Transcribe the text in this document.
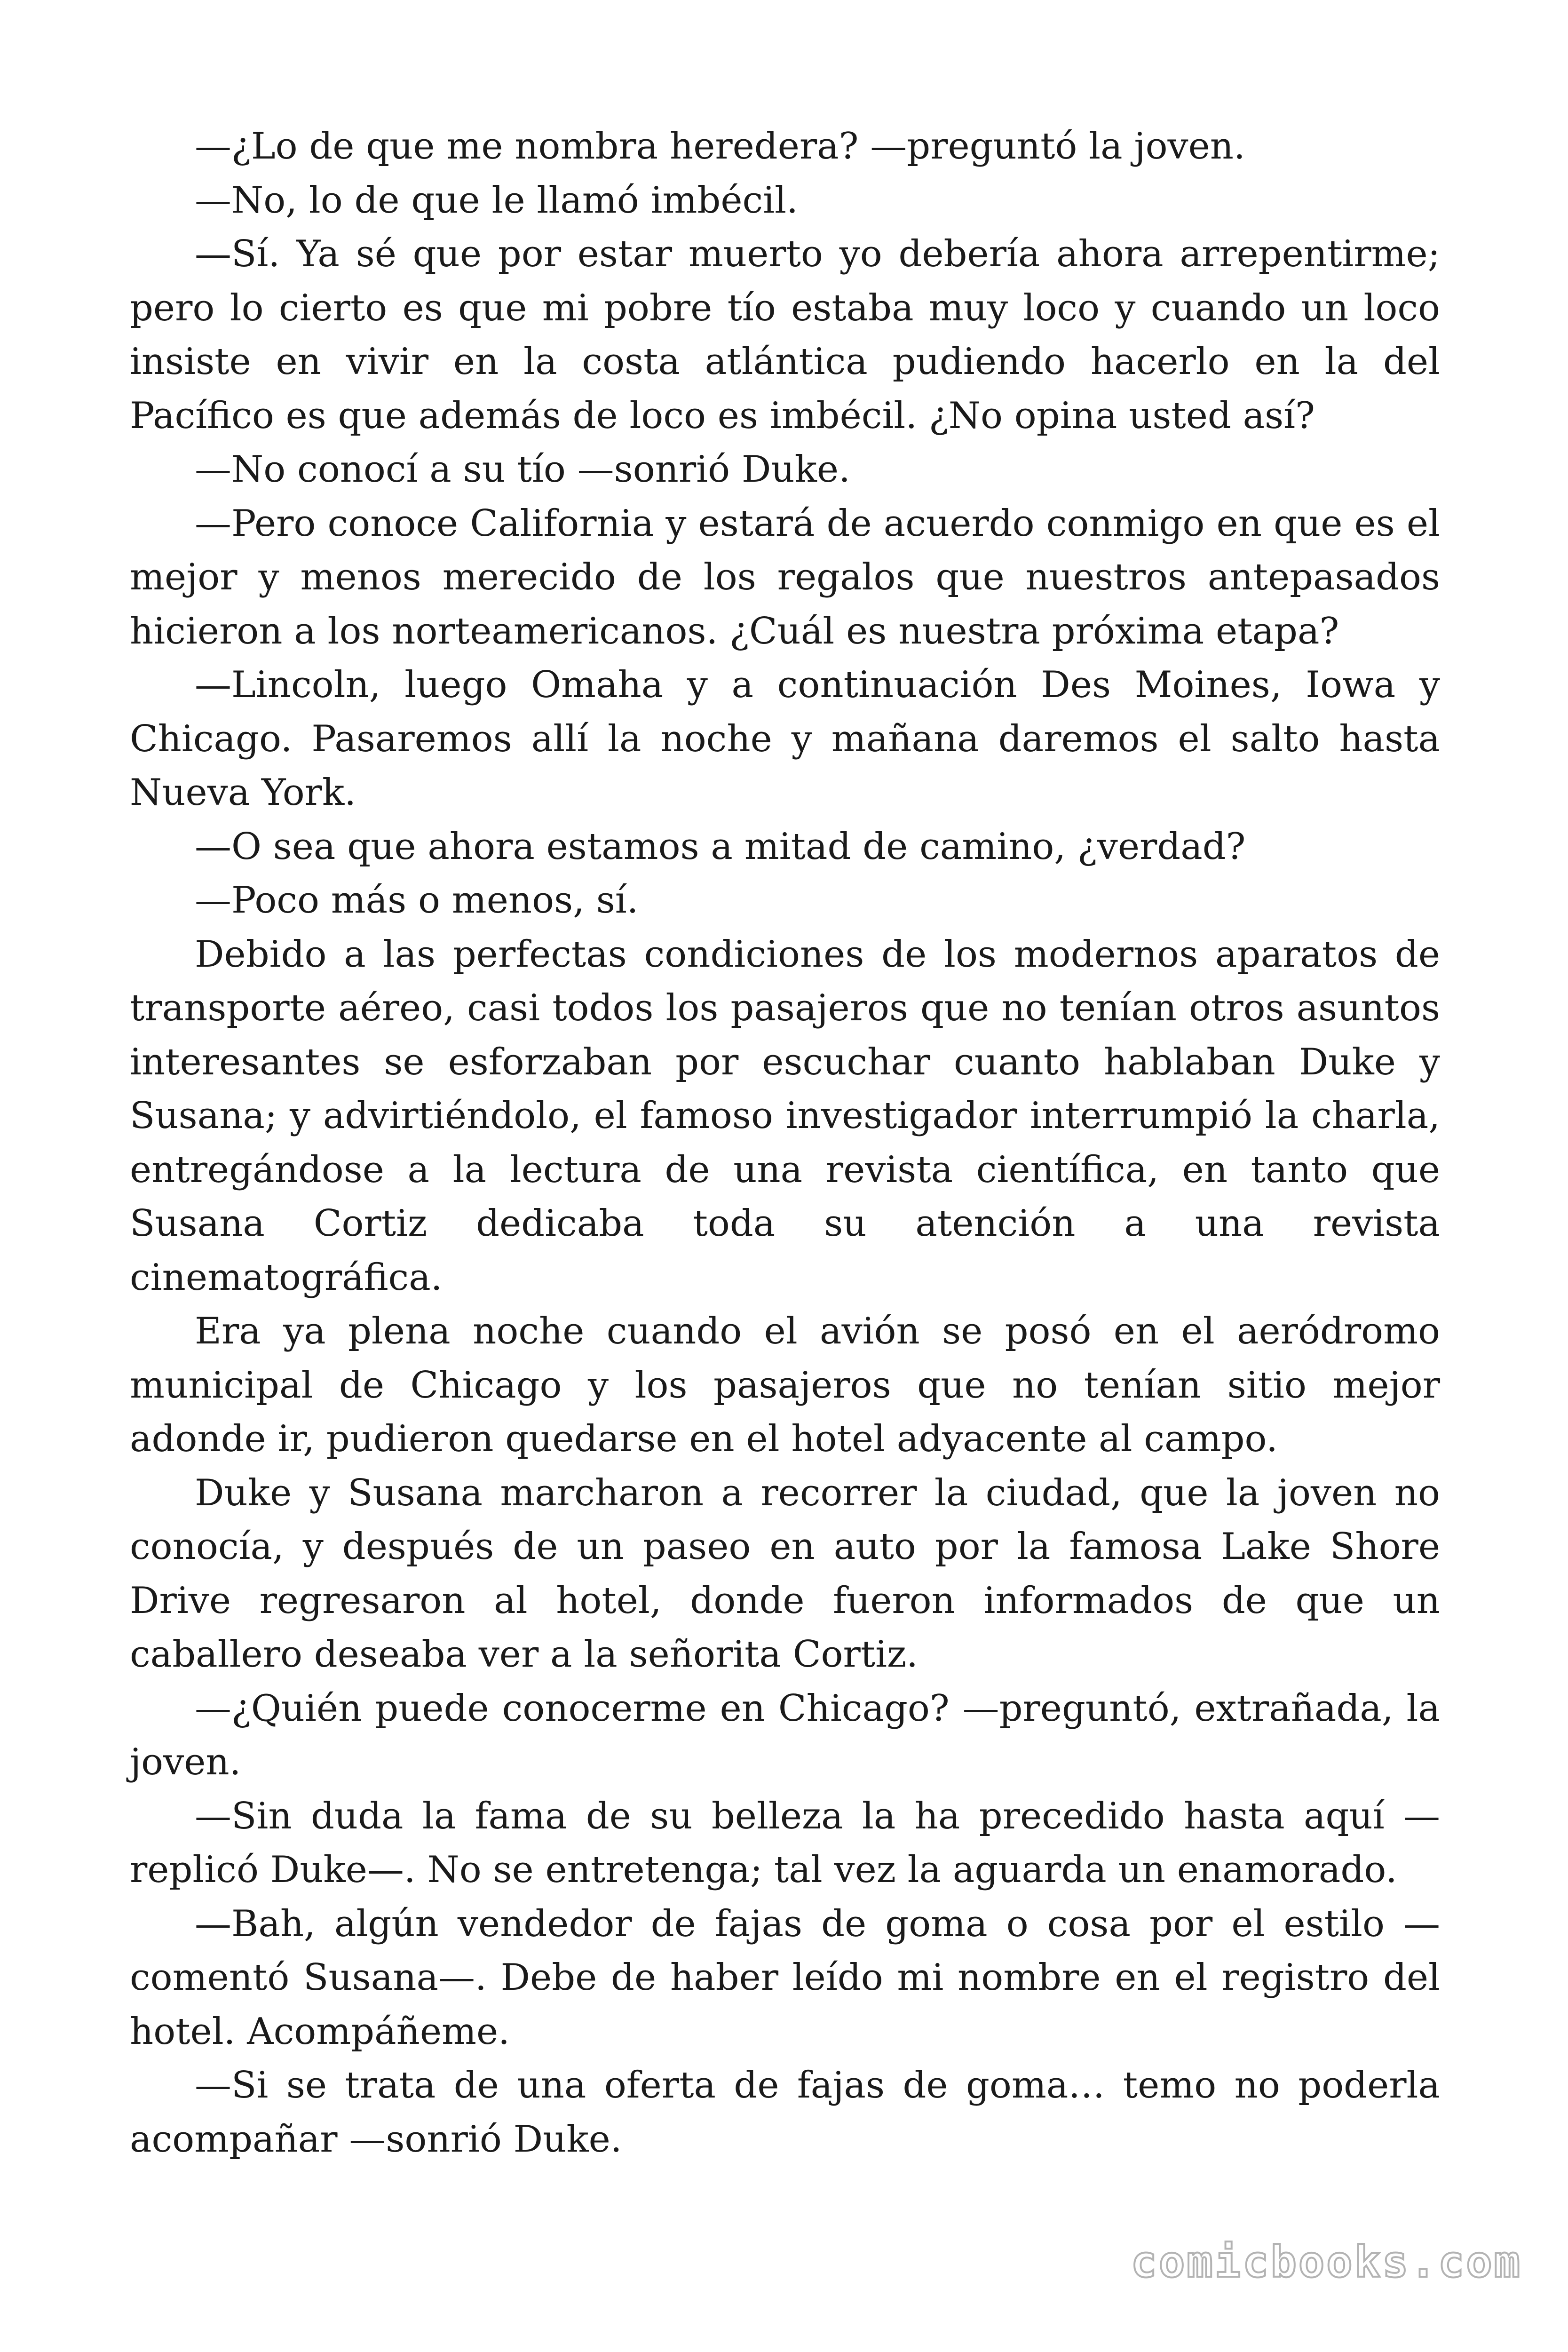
—¿Lo de que me nombra heredera? —preguntó la joven.

—No, lo de que le llamó imbécil.

—Sí. Ya sé que por estar muerto yo debería ahora arrepentirme; pero lo cierto es que mi pobre tío estaba muy loco y cuando un loco insiste en vivir en la costa atlántica pudiendo hacerlo en la del Pacífico es que además de loco es imbécil. ¿No opina usted así?

—No conocí a su tío —sonrió Duke.

—Pero conoce California y estará de acuerdo conmigo en que es el mejor y menos merecido de los regalos que nuestros antepasados hicieron a los norteamericanos. ¿Cuál es nuestra próxima etapa?

—Lincoln, luego Omaha y a continuación Des Moines, Iowa y Chicago. Pasaremos allí la noche y mañana daremos el salto hasta Nueva York.

—O sea que ahora estamos a mitad de camino, ¿verdad?

—Poco más o menos, sí.

Debido a las perfectas condiciones de los modernos aparatos de transporte aéreo, casi todos los pasajeros que no tenían otros asuntos interesantes se esforzaban por escuchar cuanto hablaban Duke y Susana; y advirtiéndolo, el famoso investigador interrumpió la charla, entregándose a la lectura de una revista científica, en tanto que Susana Cortiz dedicaba toda su atención a una revista cinematográfica.

Era ya plena noche cuando el avión se posó en el aeródromo municipal de Chicago y los pasajeros que no tenían sitio mejor adonde ir, pudieron quedarse en el hotel adyacente al campo.

Duke y Susana marcharon a recorrer la ciudad, que la joven no conocía, y después de un paseo en auto por la famosa Lake Shore Drive regresaron al hotel, donde fueron informados de que un caballero deseaba ver a la señorita Cortiz.

—¿Quién puede conocerme en Chicago? —preguntó, extrañada, la joven.

—Sin duda la fama de su belleza la ha precedido hasta aquí —replicó Duke—. No se entretenga; tal vez la aguarda un enamorado.

—Bah, algún vendedor de fajas de goma o cosa por el estilo —comentó Susana—. Debe de haber leído mi nombre en el registro del hotel. Acompáñeme.

—Si se trata de una oferta de fajas de goma… temo no poderla acompañar —sonrió Duke.

comicbooks.com
